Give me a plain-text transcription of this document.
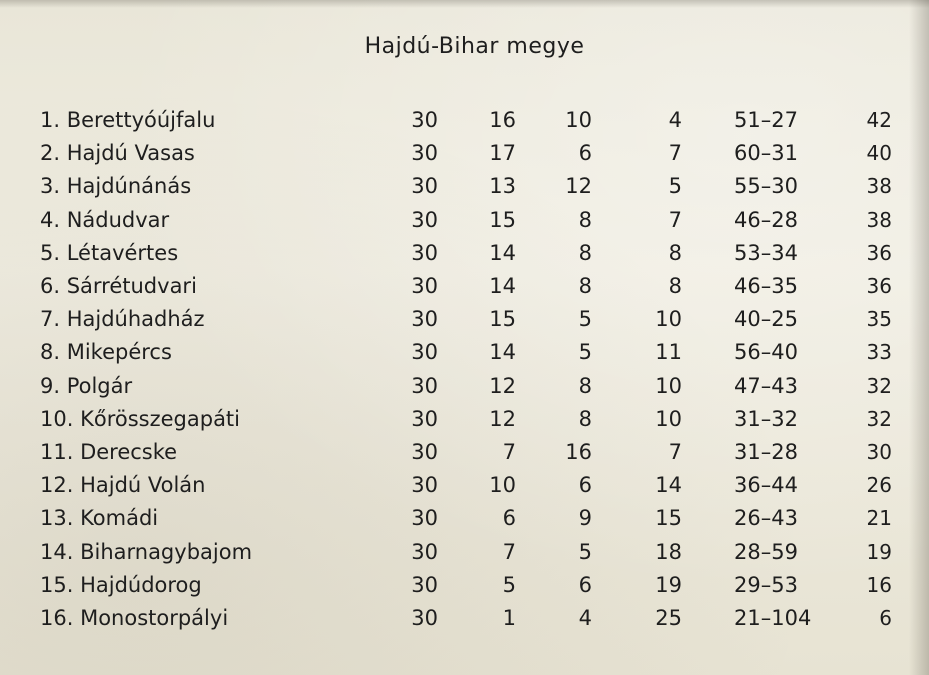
Hajdú-Bihar megye
1. Berettyóújfalu	30	16	10	4 51–27	42
2. Hajdú Vasas	30	17	6	7 60–31	40
3. Hajdúnánás	30	13	12	5 55–30	38
4. Nádudvar	30	15	8	7 46–28	38
5. Létavértes	30	14	8	8 53–34	36
6. Sárrétudvari	30	14	8	8 46–35	36
7. Hajdúhadház	30	15	5	10 40–25	35
8. Mikepércs	30	14	5	11 56–40	33
9. Polgár	30	12	8	10 47–43	32
10. Kőrösszegapáti	30	12	8	10 31–32	32
11. Derecske	30	7	16	7 31–28	30
12. Hajdú Volán	30	10	6	14 36–44	26
13. Komádi	30	6	9	15 26–43	21
14. Biharnagybajom	30	7	5	18 28–59	19
15. Hajdúdorog	30	5	6	19 29–53	16
16. Monostorpályi	30	1	4	25 21–104	6
